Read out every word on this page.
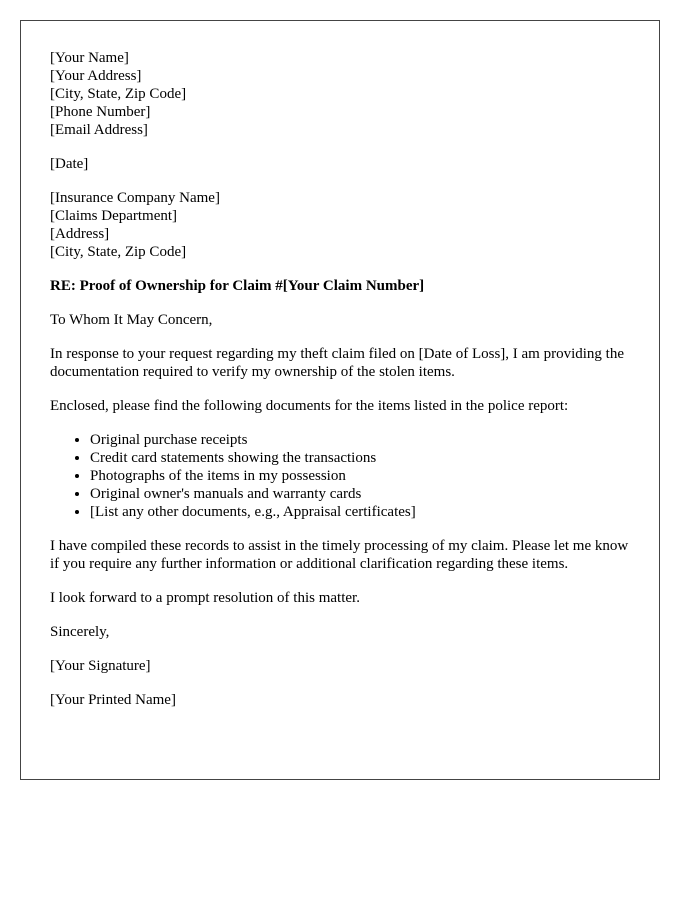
[Your Name]
[Your Address]
[City, State, Zip Code]
[Phone Number]
[Email Address]
[Date]
[Insurance Company Name]
[Claims Department]
[Address]
[City, State, Zip Code]

RE: Proof of Ownership for Claim #[Your Claim Number]

To Whom It May Concern,

In response to your request regarding my theft claim filed on [Date of Loss], I am providing the documentation required to verify my ownership of the stolen items.

Enclosed, please find the following documents for the items listed in the police report:

• Original purchase receipts
• Credit card statements showing the transactions
• Photographs of the items in my possession
• Original owner's manuals and warranty cards
• [List any other documents, e.g., Appraisal certificates]

I have compiled these records to assist in the timely processing of my claim. Please let me know if you require any further information or additional clarification regarding these items.

I look forward to a prompt resolution of this matter.

Sincerely,

[Your Signature]

[Your Printed Name]
